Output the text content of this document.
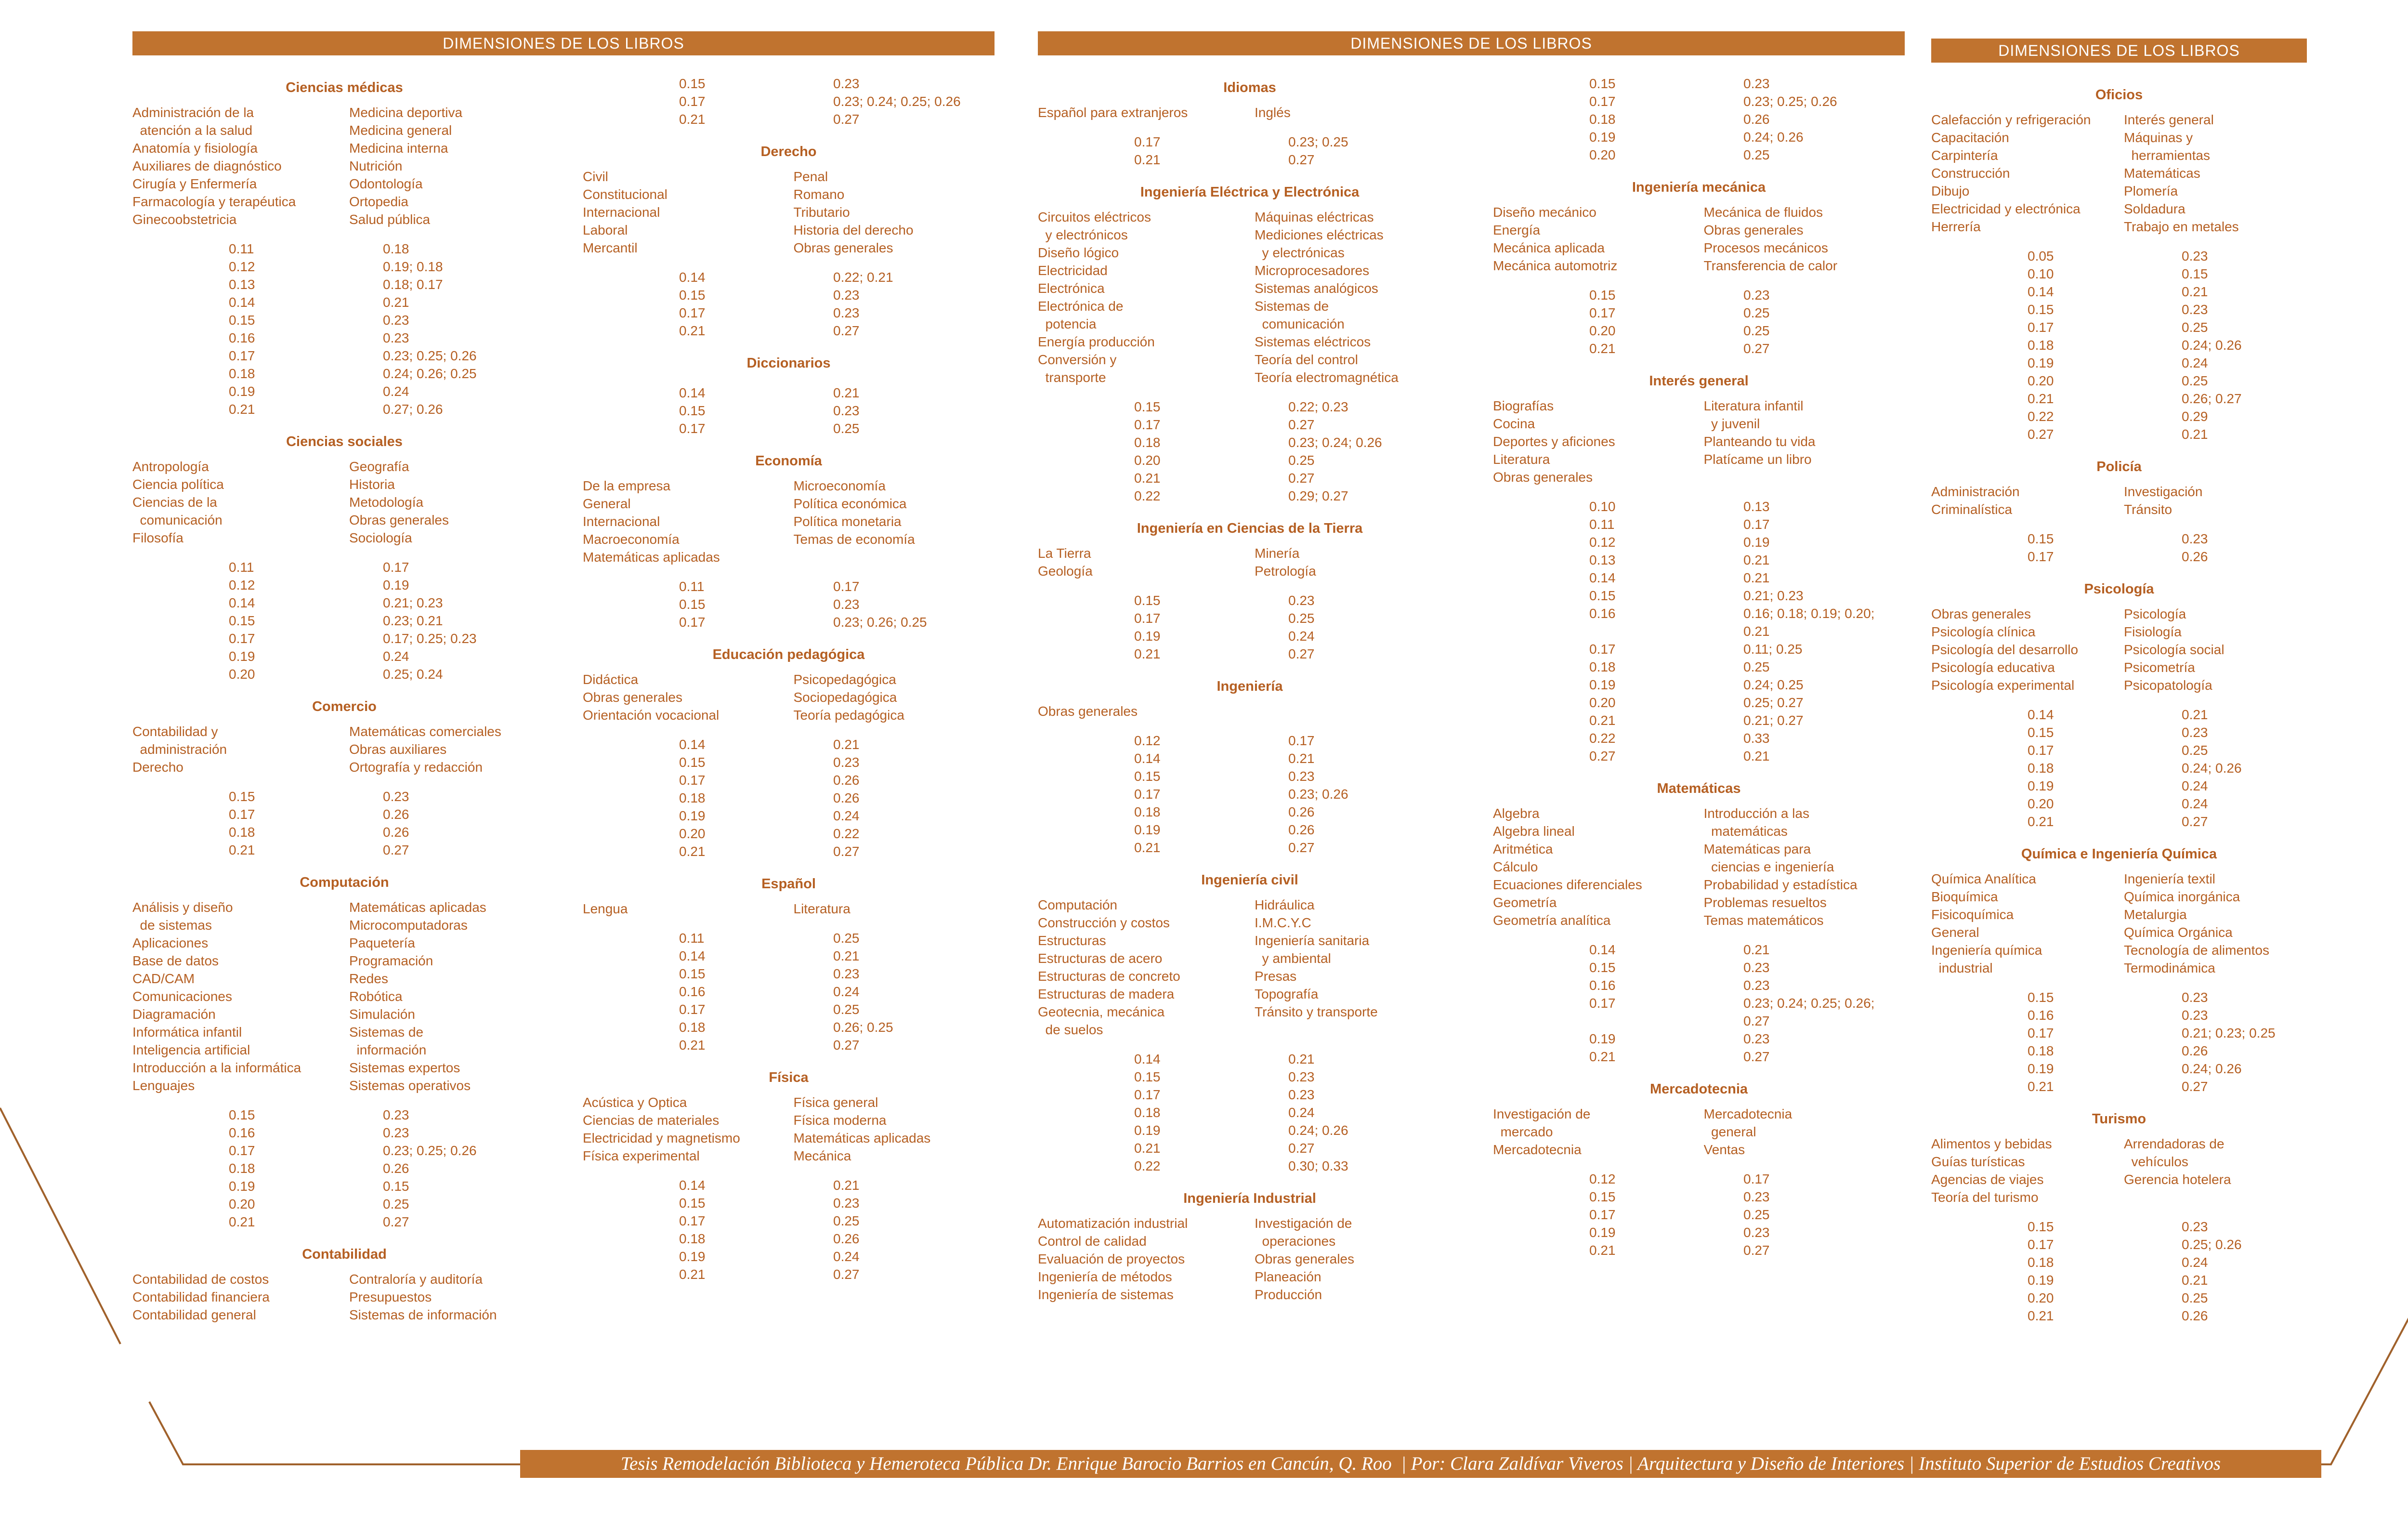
DIMENSIONES DE LOS LIBROS
Ciencias médicas
Administración de la	Medicina deportiva
atención a la salud	Medicina general
Anatomía y fisiología	Medicina interna
Auxiliares de diagnóstico	Nutrición
Cirugía y Enfermería	Odontología
Farmacología y terapéutica	Ortopedia
Ginecoobstetricia	Salud pública
0.11	0.18
0.12	0.19; 0.18
0.13	0.18; 0.17
0.14	0.21
0.15	0.23
0.16	0.23
0.17	0.23; 0.25; 0.26
0.18	0.24; 0.26; 0.25
0.19	0.24
0.21	0.27; 0.26
Ciencias sociales
Antropología	Geografía
Ciencia política	Historia
Ciencias de la	Metodología
comunicación	Obras generales
Filosofía	Sociología
0.11	0.17
0.12	0.19
0.14	0.21; 0.23
0.15	0.23; 0.21
0.17	0.17; 0.25; 0.23
0.19	0.24
0.20	0.25; 0.24
Comercio
Contabilidad y	Matemáticas comerciales
administración	Obras auxiliares
Derecho	Ortografía y redacción
0.15	0.23
0.17	0.26
0.18	0.26
0.21	0.27
Computación
Análisis y diseño	Matemáticas aplicadas
de sistemas	Microcomputadoras
Aplicaciones	Paquetería
Base de datos	Programación
CAD/CAM	Redes
Comunicaciones	Robótica
Diagramación	Simulación
Informática infantil	Sistemas de
Inteligencia artificial	información
Introducción a la informática	Sistemas expertos
Lenguajes	Sistemas operativos
0.15	0.23
0.16	0.23
0.17	0.23; 0.25; 0.26
0.18	0.26
0.19	0.15
0.20	0.25
0.21	0.27
Contabilidad
Contabilidad de costos	Contraloría y auditoría
Contabilidad financiera	Presupuestos
Contabilidad general	Sistemas de información
0.15	0.23
0.17	0.23; 0.24; 0.25; 0.26
0.21	0.27
Derecho
Civil	Penal
Constitucional	Romano
Internacional	Tributario
Laboral	Historia del derecho
Mercantil	Obras generales
0.14	0.22; 0.21
0.15	0.23
0.17	0.23
0.21	0.27
Diccionarios
0.14	0.21
0.15	0.23
0.17	0.25
Economía
De la empresa	Microeconomía
General	Política económica
Internacional	Política monetaria
Macroeconomía	Temas de economía
Matemáticas aplicadas
0.11	0.17
0.15	0.23
0.17	0.23; 0.26; 0.25
Educación pedagógica
Didáctica	Psicopedagógica
Obras generales	Sociopedagógica
Orientación vocacional	Teoría pedagógica
0.14	0.21
0.15	0.23
0.17	0.26
0.18	0.26
0.19	0.24
0.20	0.22
0.21	0.27
Español
Lengua	Literatura
0.11	0.25
0.14	0.21
0.15	0.23
0.16	0.24
0.17	0.25
0.18	0.26; 0.25
0.21	0.27
Física
Acústica y Optica	Física general
Ciencias de materiales	Física moderna
Electricidad y magnetismo	Matemáticas aplicadas
Física experimental	Mecánica
0.14	0.21
0.15	0.23
0.17	0.25
0.18	0.26
0.19	0.24
0.21	0.27
DIMENSIONES DE LOS LIBROS
Idiomas
Español para extranjeros	Inglés
0.17	0.23; 0.25
0.21	0.27
Ingeniería Eléctrica y Electrónica
Circuitos eléctricos	Máquinas eléctricas
y electrónicos	Mediciones eléctricas
Diseño lógico	y electrónicas
Electricidad	Microprocesadores
Electrónica	Sistemas analógicos
Electrónica de	Sistemas de
potencia	comunicación
Energía producción	Sistemas eléctricos
Conversión y	Teoría del control
transporte	Teoría electromagnética
0.15	0.22; 0.23
0.17	0.27
0.18	0.23; 0.24; 0.26
0.20	0.25
0.21	0.27
0.22	0.29; 0.27
Ingeniería en Ciencias de la Tierra
La Tierra	Minería
Geología	Petrología
0.15	0.23
0.17	0.25
0.19	0.24
0.21	0.27
Ingeniería
Obras generales
0.12	0.17
0.14	0.21
0.15	0.23
0.17	0.23; 0.26
0.18	0.26
0.19	0.26
0.21	0.27
Ingeniería civil
Computación	Hidráulica
Construcción y costos	I.M.C.Y.C
Estructuras	Ingeniería sanitaria
Estructuras de acero	y ambiental
Estructuras de concreto	Presas
Estructuras de madera	Topografía
Geotecnia, mecánica	Tránsito y transporte
de suelos
0.14	0.21
0.15	0.23
0.17	0.23
0.18	0.24
0.19	0.24; 0.26
0.21	0.27
0.22	0.30; 0.33
Ingeniería Industrial
Automatización industrial	Investigación de
Control de calidad	operaciones
Evaluación de proyectos	Obras generales
Ingeniería de métodos	Planeación
Ingeniería de sistemas	Producción
0.15	0.23
0.17	0.23; 0.25; 0.26
0.18	0.26
0.19	0.24; 0.26
0.20	0.25
Ingeniería mecánica
Diseño mecánico	Mecánica de fluidos
Energía	Obras generales
Mecánica aplicada	Procesos mecánicos
Mecánica automotriz	Transferencia de calor
0.15	0.23
0.17	0.25
0.20	0.25
0.21	0.27
Interés general
Biografías	Literatura infantil
Cocina	y juvenil
Deportes y aficiones	Planteando tu vida
Literatura	Platícame un libro
Obras generales
0.10	0.13
0.11	0.17
0.12	0.19
0.13	0.21
0.14	0.21
0.15	0.21; 0.23
0.16	0.16; 0.18; 0.19; 0.20;
0.21
0.17	0.11; 0.25
0.18	0.25
0.19	0.24; 0.25
0.20	0.25; 0.27
0.21	0.21; 0.27
0.22	0.33
0.27	0.21
Matemáticas
Algebra	Introducción a las
Algebra lineal	matemáticas
Aritmética	Matemáticas para
Cálculo	ciencias e ingeniería
Ecuaciones diferenciales	Probabilidad y estadística
Geometría	Problemas resueltos
Geometría analítica	Temas matemáticos
0.14	0.21
0.15	0.23
0.16	0.23
0.17	0.23; 0.24; 0.25; 0.26;
0.27
0.19	0.23
0.21	0.27
Mercadotecnia
Investigación de	Mercadotecnia
mercado	general
Mercadotecnia	Ventas
0.12	0.17
0.15	0.23
0.17	0.25
0.19	0.23
0.21	0.27
DIMENSIONES DE LOS LIBROS
Oficios
Calefacción y refrigeración	Interés general
Capacitación	Máquinas y
Carpintería	herramientas
Construcción	Matemáticas
Dibujo	Plomería
Electricidad y electrónica	Soldadura
Herrería	Trabajo en metales
0.05	0.23
0.10	0.15
0.14	0.21
0.15	0.23
0.17	0.25
0.18	0.24; 0.26
0.19	0.24
0.20	0.25
0.21	0.26; 0.27
0.22	0.29
0.27	0.21
Policía
Administración	Investigación
Criminalística	Tránsito
0.15	0.23
0.17	0.26
Psicología
Obras generales	Psicología
Psicología clínica	Fisiología
Psicología del desarrollo	Psicología social
Psicología educativa	Psicometría
Psicología experimental	Psicopatología
0.14	0.21
0.15	0.23
0.17	0.25
0.18	0.24; 0.26
0.19	0.24
0.20	0.24
0.21	0.27
Química e Ingeniería Química
Química Analítica	Ingeniería textil
Bioquímica	Química inorgánica
Fisicoquímica	Metalurgia
General	Química Orgánica
Ingeniería química	Tecnología de alimentos
industrial	Termodinámica
0.15	0.23
0.16	0.23
0.17	0.21; 0.23; 0.25
0.18	0.26
0.19	0.24; 0.26
0.21	0.27
Turismo
Alimentos y bebidas	Arrendadoras de
Guías turísticas	vehículos
Agencias de viajes	Gerencia hotelera
Teoría del turismo
0.15	0.23
0.17	0.25; 0.26
0.18	0.24
0.19	0.21
0.20	0.25
0.21	0.26
Tesis Remodelación Biblioteca y Hemeroteca Pública Dr. Enrique Barocio Barrios en Cancún, Q. Roo  | Por: Clara Zaldívar Viveros | Arquitectura y Diseño de Interiores | Instituto Superior de Estudios Creativos
